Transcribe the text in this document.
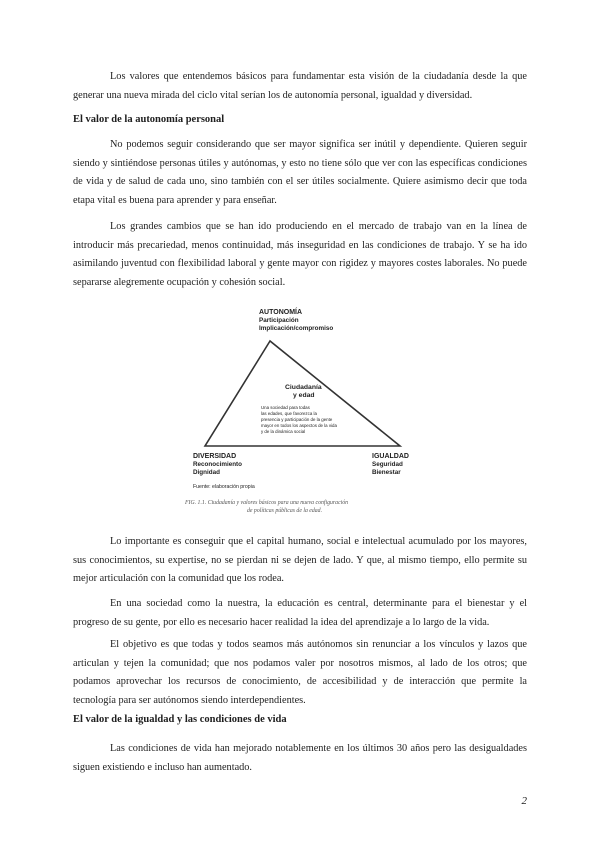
Los valores que entendemos básicos para fundamentar esta visión de la ciudadanía desde la que
generar una nueva mirada del ciclo vital serían los de autonomía personal, igualdad y diversidad.

El valor de la autonomía personal

No podemos seguir considerando que ser mayor significa ser inútil y dependiente. Quieren seguir
siendo y sintiéndose personas útiles y autónomas, y esto no tiene sólo que ver con las específicas condiciones
de vida y de salud de cada uno, sino también con el ser útiles socialmente. Quiere asimismo decir que toda
etapa vital es buena para aprender y para enseñar.

Los grandes cambios que se han ido produciendo en el mercado de trabajo van en la línea de
introducir más precariedad, menos continuidad, más inseguridad en las condiciones de trabajo. Y se ha ido
asimilando juventud con flexibilidad laboral y gente mayor con rigidez y mayores costes laborales. No puede
separarse alegremente ocupación y cohesión social.

AUTONOMÍA
Participación
Implicación/compromiso
Ciudadanía
y edad
Una sociedad para todas
las edades, que favorezca la
presencia y participación de la gente
mayor en todos los aspectos de la vida
y de la dinámica social
DIVERSIDAD
Reconocimiento
Dignidad
IGUALDAD
Seguridad
Bienestar
Fuente: elaboración propia
FIG. 1.1. Ciudadanía y valores básicos para una nueva configuración
de políticas públicas de la edad.

Lo importante es conseguir que el capital humano, social e intelectual acumulado por los mayores,
sus conocimientos, su expertise, no se pierdan ni se dejen de lado. Y que, al mismo tiempo, ello permite su
mejor articulación con la comunidad que los rodea.

En una sociedad como la nuestra, la educación es central, determinante para el bienestar y el
progreso de su gente, por ello es necesario hacer realidad la idea del aprendizaje a lo largo de la vida.

El objetivo es que todas y todos seamos más autónomos sin renunciar a los vínculos y lazos que
articulan y tejen la comunidad; que nos podamos valer por nosotros mismos, al lado de los otros; que
podamos aprovechar los recursos de conocimiento, de accesibilidad y de interacción que permite la
tecnología para ser autónomos siendo interdependientes.

El valor de la igualdad y las condiciones de vida

Las condiciones de vida han mejorado notablemente en los últimos 30 años pero las desigualdades
siguen existiendo e incluso han aumentado.

2
